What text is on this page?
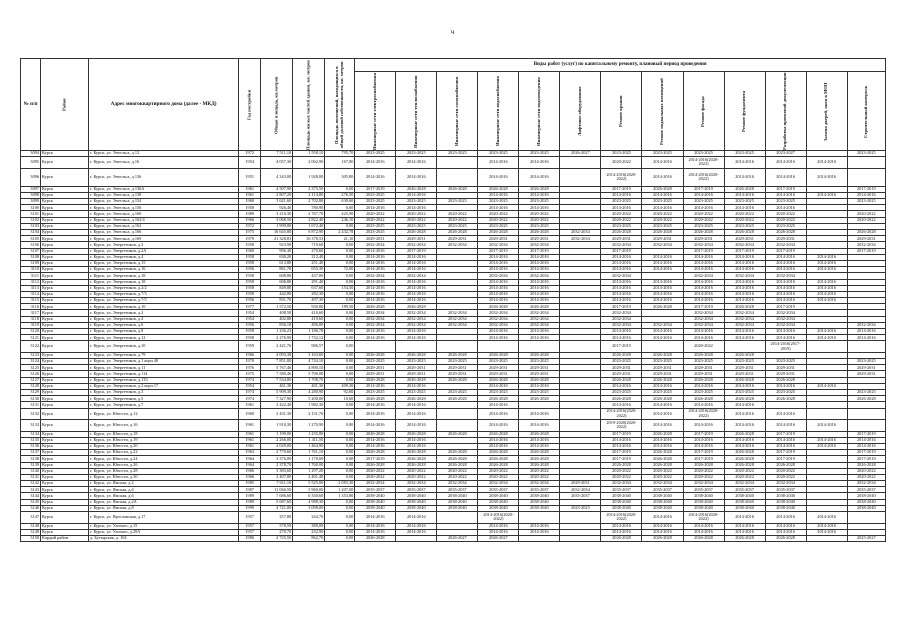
ч
№ п/п	Район	Адрес многоквартирного дома (далее - МКД)	Год постройки	Общая площадь, кв.метров	Площадь жилых частей здания, кв. метров	Площадь помещений, находящихся в общей долевой собственности, кв. метров	Виды работ (услуг) по капитальному ремонту, плановый период проведения												
							Инженерные сети электроснабжения	Инженерные сети теплоснабжения	Инженерные сети газоснабжения	Инженерные сети водоснабжения	Инженерные сети водоотведения	Лифтовое оборудование	Ремонт крыши	Ремонт подвальных помещений	Ремонт фасада	Ремонт фундамента	Разработка проектной документации	Замена дверей, окон в МОП	Строительный контроль
3094	Курск	г. Курск, ул. Энгельса, д.12	1972	7 511,10	1 558,10	795,70	2023-2025	2023-2025	2023-2025	2023-2025	2023-2025	2026-2027	2023-2025	2023-2025	2023-2025	2023-2025	2023-2027		2023-2025
3095	Курск	г. Курск, ул. Энгельса, д.16	1954	4 057,30	2 062,90	167,80	2014-2016	2014-2016		2014-2016	2014-2016		2020-2022	2014-2016	2014-2016(2020-2022)	2014-2016	2014-2016	2014-2016	
3096	Курск	г. Курск, ул. Энгельса, д.136	1951	4 343,00	1 928,00	305,80	2014-2016	2014-2016		2014-2016	2014-2016		2014-2016(2020-2022)	2014-2016	2014-2016(2020-2022)	2014-2016	2014-2016	2014-2016	
3097	Курск	г. Курск, ул. Энгельса, д.136А	1961	4 507,90	2 375,50	0,00	2017-2019	2026-2028	2026-2028	2026-2028	2026-2028		2017-2019	2026-2028	2017-2019	2026-2028	2017-2019		2017-2019
3098	Курск	г. Курск, ул. Энгельса, д.138	1961	2 807,20	2 114,80	276,50	2023-2025	2014-2016		2014-2016	2014-2016		2014-2016	2014-2016	2014-2016	2014-2016	2014-2016	2014-2016	2014-2016
3099	Курск	г. Курск, ул. Энгельса, д.154	1968	3 621,60	2 702,80	630,60	2023-2025	2023-2025	2023-2025	2023-2025	2023-2025		2023-2025	2023-2025	2023-2025	2023-2025	2023-2025		2023-2025
3100	Курск	г. Курск, ул. Энгельса, д.156	1958	926,40	780,90	0,00	2014-2016	2014-2016		2014-2016	2014-2016		2014-2016	2014-2016	2014-2016	2014-2016	2014-2016		
3101	Курск	г. Курск, ул. Энгельса, д.160	1989	3 210,30	2 767,70	425,90	2020-2022	2020-2022	2020-2022	2020-2022	2020-2022		2020-2022	2020-2022	2020-2022	2020-2022	2020-2022		2020-2022
3102	Курск	г. Курск, ул. Энгельса, д.162/4	1966	3 068,50	2 822,40	246,10	2020-2022	2020-2022	2020-2022	2020-2022	2020-2022		2020-2022	2020-2022	2020-2022	2020-2022	2020-2022		2020-2022
3103	Курск	г. Курск, ул. Энгельса, д.162	1972	1 999,80	1 672,40	0,00	2023-2025	2023-2025	2023-2025	2023-2025	2023-2025		2023-2025	2023-2025	2023-2025	2023-2025	2023-2025		
3104	Курск	г. Курск, ул. Энгельса, д.166	1975	16 645,80	6 872,90	2 432,78	2023-2025	2026-2028	2026-2028	2026-2028	2026-2028	2032-2034	2026-2028	2026-2028	2026-2028	2026-2028	2026-2028		2026-2028
3105	Курск	г. Курск, ул. Энгельса, д.169	1979	21 328,83	16 378,53	21,10	2029-2031	2029-2031	2029-2031	2029-2031	2029-2031	2032-2034	2029-2031	2029-2031	2029-2031	2029-2031	2029-2031		2029-2031
3106	Курск	г. Курск, ул. Энергетиков, д.2	1958	923,90	719,60	0,00	2032-2034	2032-2034	2032-2034	2032-2034	2032-2034		2032-2034	2032-2034	2032-2034	2032-2034	2032-2034		2032-2034
3107	Курск	г. Курск, ул. Энергетиков, д.2А	1960	996,30	270,60	0,00	2014-2016	2017-2019		2017-2019	2017-2019		2017-2019		2017-2019	2017-2019	2017-2019		2017-2019
3108	Курск	г. Курск, ул. Энергетиков, д.4	1958	630,20	212,40	0,00	2014-2016	2014-2016		2014-2016	2014-2016		2014-2016	2014-2016	2014-2016	2014-2016	2014-2016	2014-2016	
3109	Курск	г. Курск, ул. Энергетиков, д.15	1958	613,80	251,40	0,00	2014-2016	2014-2016		2014-2016	2014-2016		2014-2016	2014-2016	2014-2016	2014-2016	2014-2016	2014-2016	
3110	Курск	г. Курск, ул. Энергетиков, д.16	1956	861,70	655,30	72,00	2014-2016	2014-2016		2014-2016	2014-2016		2014-2016	2014-2016	2014-2016	2014-2016	2014-2016	2014-2016	
3111	Курск	г. Курск, ул. Энергетиков, д.18	1958	608,80	437,00	0,00	2032-2034	2032-2034		2032-2034	2032-2034		2032-2034		2032-2034	2032-2034	2032-2034		
3112	Курск	г. Курск, ул. Энергетиков, д.18	1958	606,80	291,40	0,00	2014-2016	2014-2016		2014-2016	2014-2016		2014-2016	2014-2016	2014-2016	2014-2016	2014-2016	2014-2016	
3113	Курск	г. Курск, ул. Энергетиков, д.2/2	1958	849,80	637,60	154,50	2014-2016	2014-2016		2014-2016	2014-2016		2014-2016	2014-2016	2014-2016	2014-2016	2014-2016	2014-2016	
3114	Курск	г. Курск, ул. Энергетиков, д.7/3	1958	442,80	282,30	0,00	2014-2016	2014-2016		2014-2016	2014-2016		2014-2016	2014-2016	2014-2016	2014-2016	2014-2016	2014-2016	
3115	Курск	г. Курск, ул. Энергетиков, д.7/5	1956	831,70	497,30	0,00	2014-2016	2014-2016		2014-2016	2014-2016		2014-2016	2014-2016	2014-2016	2014-2016	2014-2016	2014-2016	
3116	Курск	г. Курск, ул. Энергетиков, д.10	1977	1 572,50	930,80	189,50	2026-2028	2026-2028		2026-2028	2026-2028		2017-2019	2026-2028	2017-2019	2026-2028	2017-2019		
3117	Курск	г. Курск, ул. Энергетиков, д.2	1954	408,50	410,60	0,00	2032-2034	2032-2034	2032-2034	2032-2034	2032-2034		2032-2034		2032-2034	2032-2034	2032-2034		
3118	Курск	г. Курск, ул. Энергетиков, д.4	1954	402,80	419,60	0,00	2032-2034	2032-2034	2032-2034	2032-2034	2032-2034		2032-2034		2032-2034	2032-2034	2032-2034		
3119	Курск	г. Курск, ул. Энергетиков, д.6	1956	836,10	496,00	0,00	2032-2034	2032-2034	2032-2034	2032-2034	2032-2034		2032-2034	2032-2034	2032-2034	2032-2034	2032-2034		2032-2034
3120	Курск	г. Курск, ул. Энергетиков, д.8	1958	1 236,23	1 186,78	0,00	2014-2016	2014-2016		2014-2016	2014-2016		2014-2016	2014-2016	2014-2016	2014-2016	2014-2016	2014-2016	2014-2016
3121	Курск	г. Курск, ул. Энергетиков, д.12	1958	2 276,90	1 732,12	0,00	2014-2016	2014-2016		2014-2016	2014-2016		2014-2016	2014-2016	2014-2016	2014-2016	2014-2016	2014-2016	2014-2016
3122	Курск	г. Курск, ул. Энергетиков, д.10	1959	2 421,76	986,57	0,00							2017-2019		2020-2022		2014-2016(2017-2019)		
3123	Курск	г. Курск, ул. Энергетиков, д.79	1966	4 093,38	3 163,60	0,00	2026-2028	2026-2028	2026-2028	2026-2028	2026-2028		2026-2028	2026-2028	2026-2028	2026-2028			
3124	Курск	г. Курск, ул. Энергетиков, д.1 корп.40	1970	7 851,00	4 744,10	0,00	2023-2025	2023-2025	2023-2025	2023-2025	2023-2025		2023-2025	2023-2025	2023-2025	2023-2025	2023-2025		2023-2025
3125	Курск	г. Курск, ул. Энергетиков, д.11	1976	5 767,46	4 890,10	0,00	2029-2031	2029-2031	2029-2031	2029-2031	2029-2031		2029-2031	2029-2031	2029-2031	2029-2031	2029-2031		2029-2031
3126	Курск	г. Курск, ул. Энергетиков, д.114	1975	7 580,46	5 790,00	0,00	2029-2031	2029-2031	2029-2031	2029-2031	2029-2031		2029-2031	2029-2031	2029-2031	2029-2031	2029-2031		2029-2031
3127	Курск	г. Курск, ул. Энергетиков, д.135	1974	7 534,80	1 708,70	0,00	2026-2028	2026-2028	2026-2028	2026-2028	2026-2028		2026-2028	2026-2028	2026-2028	2026-2028	2026-2028		
3128	Курск	г. Курск, ул. Энергетиков, д.2 корп.17	1954	461,30	401,30	409,30	2014-2016	2014-2016		2014-2016	2014-2016		2014-2016	2014-2016	2014-2016	2014-2016	2014-2016	2014-2016	
3129	Курск	г. Курск, ул. Энергетиков, д.3	1974	5 909,30	4 280,90	92,60	2023-2025	2023-2025	2023-2025	2023-2025	2023-2025		2023-2025	2023-2025	2023-2025	2023-2025	2023-2025		2023-2025
3130	Курск	г. Курск, ул. Энергетиков, д.5	1974	7 327,90	5 200,00	10,60	2026-2028	2026-2028	2026-2028	2026-2028	2026-2028		2026-2028	2026-2028	2026-2028	2026-2028	2026-2028		2026-2028
3131	Курск	г. Курск, ул. Энергетиков, д.7	1961	3 422,40	1 982,30	0,00	2014-2016	2014-2016		2014-2016			2014-2016	2014-2016	2014-2016	2014-2016			
3132	Курск	г. Курск, ул. Юности, д.12	1960	3 431,30	2 131,70	0,00	2014-2016	2014-2016		2014-2016	2014-2016		2014-2016(2020-2022)	2014-2016	2014-2016(2020-2022)	2014-2016	2014-2016		
3133	Курск	г. Курск, ул. Юности, д.16	1961	1 910,30	1 270,90	0,00	2014-2016	2014-2016		2014-2016	2014-2016		2019-2020(2020-2022)	2014-2016	2014-2016	2014-2016	2014-2016	2014-2016	
3134	Курск	г. Курск, ул. Юности, д.18	1961	1 199,00	1 235,80	0,00	2026-2028	2026-2028	2026-2028	2026-2028	2026-2028		2017-2019	2026-2028	2017-2019	2026-2028	2017-2019		2017-2019
3135	Курск	г. Курск, ул. Юности, д.19	1961	2 266,00	1 411,50	0,00	2014-2016	2014-2016		2014-2016	2014-2016		2014-2016	2014-2016	2014-2016	2014-2016	2014-2016	2014-2016	2014-2016
3136	Курск	г. Курск, ул. Юности, д.20	1961	2 029,00	1 464,90	0,00	2014-2016	2014-2016		2014-2016	2014-2016		2014-2016	2014-2016	2014-2016	2014-2016	2014-2016	2014-2016	2014-2016
3137	Курск	г. Курск, ул. Юности, д.22	1963	2 770,60	1 761,10	0,00	2026-2028	2026-2028	2026-2028	2026-2028	2026-2028		2017-2019	2026-2028	2017-2019	2026-2028	2017-2019		2017-2019
3138	Курск	г. Курск, ул. Юности, д.24	1964	3 376,00	1 170,00	0,00	2017-2019	2026-2028	2026-2028	2026-2028	2026-2028		2017-2019	2026-2028	2017-2019	2026-2028	2017-2019		2017-2019
3139	Курск	г. Курск, ул. Юности, д.26	1964	2 378,70	1 760,00	0,00	2026-2028	2026-2028	2026-2028	2026-2028	2026-2028		2026-2028	2026-2028	2026-2028	2026-2028	2026-2028		2026-2028
3140	Курск	г. Курск, ул. Юности, д.28	1966	3 383,60	1 297,20	0,00	2020-2022	2020-2022	2020-2022	2020-2022	2020-2022		2020-2022	2020-2022	2020-2022	2020-2022	2020-2022		2020-2022
3141	Курск	г. Курск, ул. Юности, д.30	1966	3 407,80	2 401,40	0,00	2020-2022	2020-2022	2020-2022	2020-2022	2020-2022		2020-2022	2020-2022	2020-2022	2020-2022	2020-2022		2020-2022
3142	Курск	г. Курск, ул. Ямская, д.2	1985	7 611,10	5 525,00	2 083,30	2032-2034	2032-2034	2032-2034	2032-2034	2032-2034	2029-2031	2032-2034	2032-2034	2032-2034	2032-2034	2032-2034		2032-2034
3143	Курск	г. Курск, ул. Ямская, д.4	1987	11 066,50	5 960,00	1 207,00	2035-2037	2035-2037	2035-2037	2035-2037	2035-2037	2032-2034	2035-2037	2035-2037	2035-2037	2035-2037	2035-2037		2035-2037
3144	Курск	г. Курск, ул. Ямская, д.6	1989	7 686,60	6 330,60	1 353,80	2038-2040	2038-2040	2038-2040	2038-2040	2038-2040	2035-2037	2038-2040	2038-2040	2038-2040	2038-2040	2038-2040		2038-2040
3145	Курск	г. Курск, ул. Ямская, д.2А	1989	5 687,60	4 988,30	0,00	2038-2040	2038-2040	2038-2040	2038-2040	2038-2040		2038-2040	2038-2040	2038-2040	2038-2040	2038-2040		2038-2040
3146	Курск	г. Курск, ул. Ямская, д.8	1999	4 721,00	3 098,00	0,00	2038-2040	2038-2040	2038-2040	2038-2040	2038-2040	2023-2025	2038-2040	2038-2040	2038-2040	2038-2040	2038-2040		2038-2040
3147	Курск	г. Курск, ул. Ярославская, д.17	1957	257,80	244,70	0,00	2014-2016	2014-2016		2014-2016(2020-2022)			2014-2016(2020-2022)	2014-2016	2014-2016(2020-2022)	2014-2016	2014-2016	2014-2016	
3148	Курск	г. Курск, ул. Уличаго, д.15	1957	578,50	389,00	0,00	2014-2016	2014-2016		2014-2016	2014-2016		2014-2016	2014-2016	2014-2016	2014-2016	2014-2016	2014-2016	
3149	Курск	г. Курск, ул. Уличаго, д.29А	1957	270,70	232,90	0,00	2014-2016	2014-2016		2014-2016	2014-2016		2014-2016	2014-2016	2014-2016	2014-2016	2014-2016	2014-2016	
3150	Кардый район	д. Бутырская, д. 104	1986	2 725,50	862,70	0,00	2026-2028		2026-2027	2026-2027			2026-2028	2026-2028	2026-2028	2026-2028	2026-2028		2025-2027
